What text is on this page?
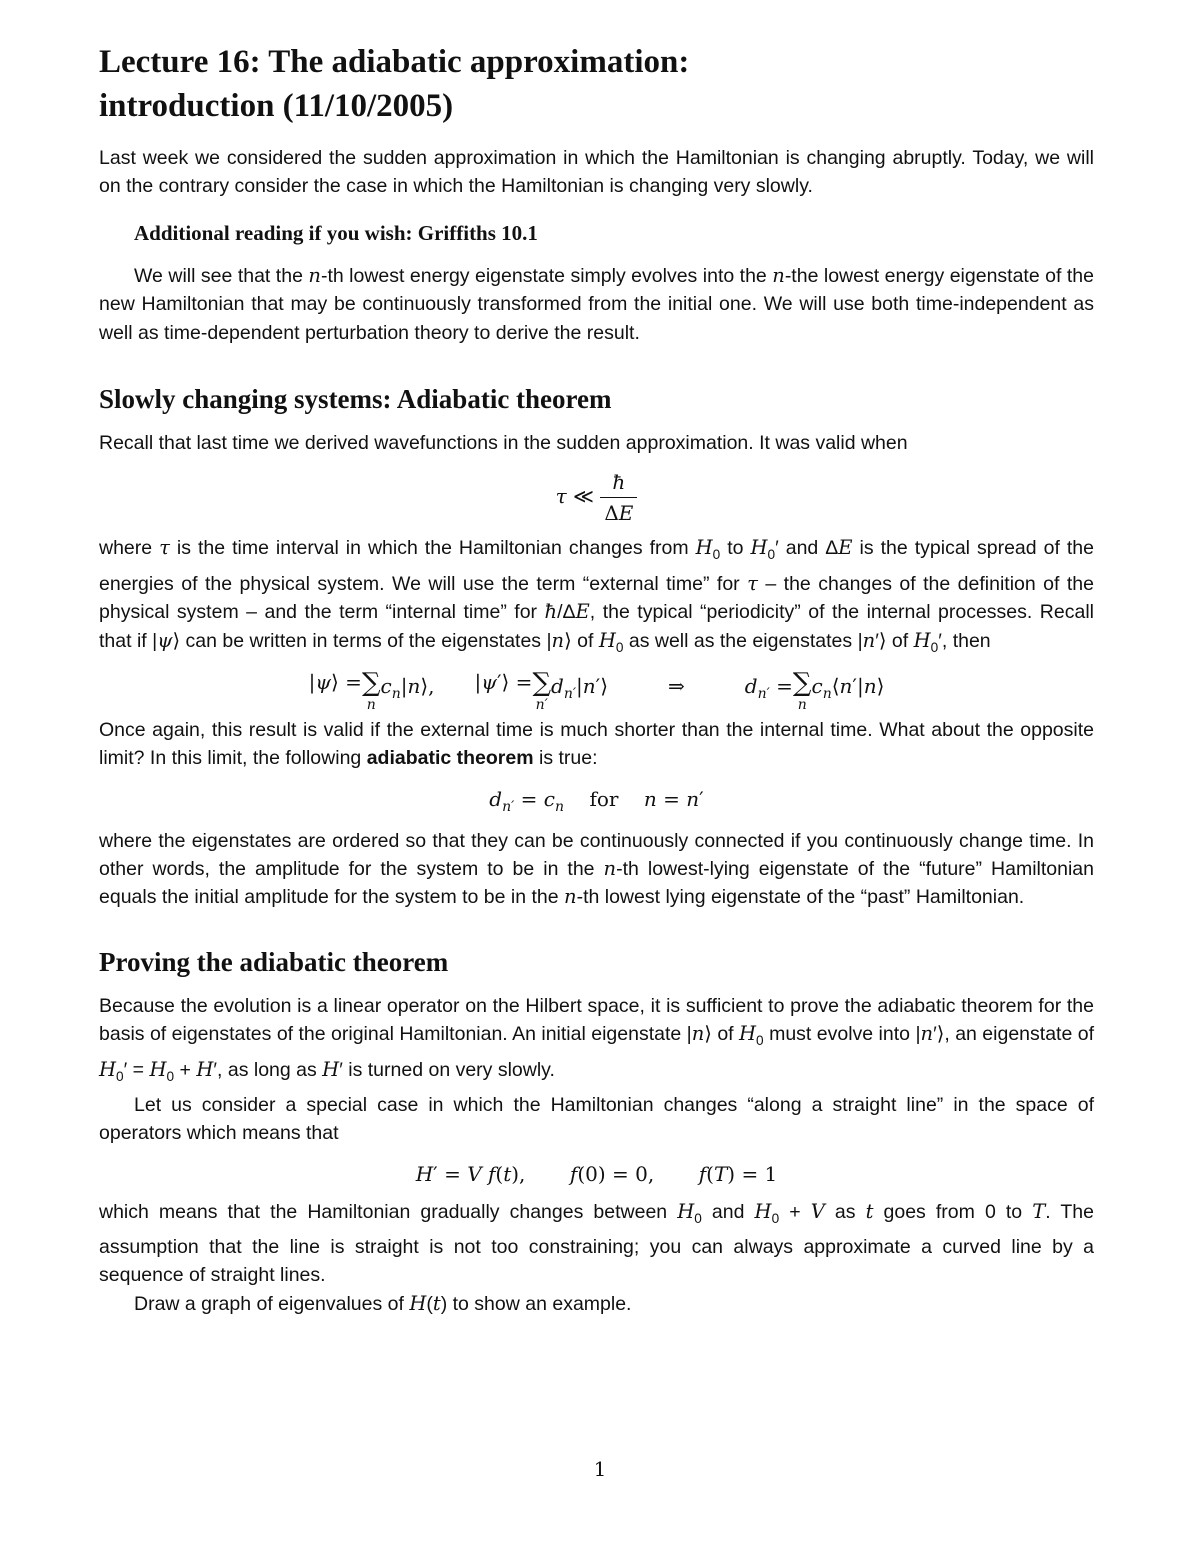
Lecture 16: The adiabatic approximation:
introduction (11/10/2005)

Last week we considered the sudden approximation in which the Hamiltonian is changing abruptly. Today, we will on the contrary consider the case in which the Hamiltonian is changing very slowly.

Additional reading if you wish: Griffiths 10.1

We will see that the n-th lowest energy eigenstate simply evolves into the n-the lowest energy eigenstate of the new Hamiltonian that may be continuously transformed from the initial one. We will use both time-independent as well as time-dependent perturbation theory to derive the result.

Slowly changing systems: Adiabatic theorem

Recall that last time we derived wavefunctions in the sudden approximation. It was valid when

τ ≪ $\frac{ħ}{\Delta E}$

where τ is the time interval in which the Hamiltonian changes from $H_0$ to $H_0'$ and ΔE is the typical spread of the energies of the physical system. We will use the term “external time” for τ – the changes of the definition of the physical system – and the term “internal time” for ħ/ΔE, the typical “periodicity” of the internal processes. Recall that if |ψ⟩ can be written in terms of the eigenstates |n⟩ of $H_0$ as well as the eigenstates |n′⟩ of $H_0'$, then

| ψ ⟩ = ∑
n
$c_n|n⟩$, | ψ ′⟩ = ∑
n′
$d_{n'}|n'⟩$	⇒	$d_{n'}$ = ∑
n
$c_n⟨n'|n⟩$

Once again, this result is valid if the external time is much shorter than the internal time. What about the opposite limit? In this limit, the following adiabatic theorem is true:

$d_{n'} = c_n$ for n = n′

where the eigenstates are ordered so that they can be continuously connected if you continuously change time. In other words, the amplitude for the system to be in the n-th lowest-lying eigenstate of the “future” Hamiltonian equals the initial amplitude for the system to be in the n-th lowest lying eigenstate of the “past” Hamiltonian.

Proving the adiabatic theorem

Because the evolution is a linear operator on the Hilbert space, it is sufficient to prove the adiabatic theorem for the basis of eigenstates of the original Hamiltonian. An initial eigenstate |n⟩ of $H_0$ must evolve into |n′⟩, an eigenstate of $H_0' = H_0 + H'$, as long as H′ is turned on very slowly.

Let us consider a special case in which the Hamiltonian changes “along a straight line” in the space of operators which means that

H′ = V f(t),       f(0) = 0,       f(T) = 1

which means that the Hamiltonian gradually changes between $H_0$ and $H_0 + V$ as t goes from 0 to T. The assumption that the line is straight is not too constraining; you can always approximate a curved line by a sequence of straight lines.

Draw a graph of eigenvalues of H(t) to show an example.

1
